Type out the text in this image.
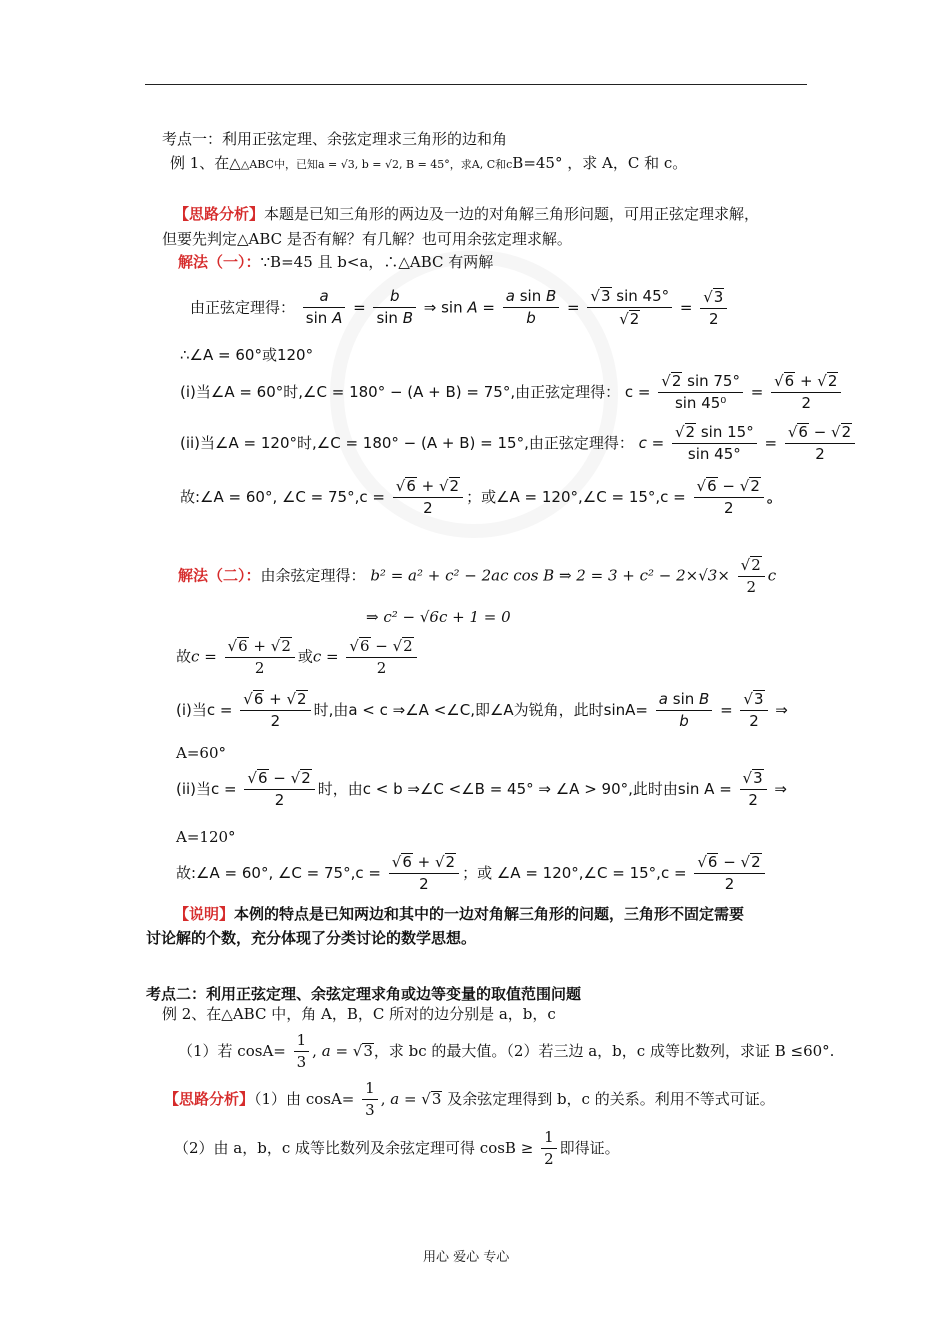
考点一：利用正弦定理、余弦定理求三角形的边和角
例 1、在△△ABC中，已知a = √3, b = √2, B = 45°，求A, C和cB=45° ，求 A，C 和 c。
【思路分析】本题是已知三角形的两边及一边的对角解三角形问题，可用正弦定理求解，
但要先判定△ABC 是否有解？有几解？也可用余弦定理求解。
解法（一）：∵B=45 且 b<a，∴△ABC 有两解
由正弦定理得： $\frac{a}{\text{sin A}} = \frac{b}{\text{sin B}}$ ⇒ $\sin A = \frac{\text{a sin B}}{b} = \frac{√3 \sin 45^\circ}{√2} = \frac{√3}{2}$
∴∠A = 60°或120°
(i)当∠A = 60°时,∠C = 180° − (A + B) = 75°,由正弦定理得： $c = \frac{√2 \sin 75^\circ}{\text{sin 45⁰}} = \frac{√6 + √2}{2}$
(ii)当∠A = 120°时,∠C = 180° − (A + B) = 15°,由正弦定理得： $c = \frac{√2 \sin 15^\circ}{\sin 45^\circ} = \frac{√6 - √2}{2}$
故:∠A = 60°, ∠C = $75^\circ,c = \frac{√6 + √2}{2}$ ；或∠A = 120°,∠C = $15^\circ,c = \frac{√6 - √2}{2}$ 。
解法（二）：由余弦定理得： b² = a² + c² − 2ac cos B ⇒ $2 = 3 + c^2 - 2\times√3\times \frac{√2}{2}$ c
⇒ c² − √6c + 1 = 0
故$c = \frac{√6 + √2}{2}$ 或$c = \frac{√6 - √2}{2}$
(i)当$c = \frac{√6 + √2}{2}$ 时,由a < c ⇒∠A <∠C,即∠A为锐角，此时$\sin A= \frac{\text{a sin B}}{b} = \frac{√3}{2}$ ⇒
A=60°
(ii)当$c = \frac{√6 - √2}{2}$ 时，由c < b ⇒∠C <∠B = 45° ⇒ ∠A > 90°,此时由$\sin A = \frac{√3}{2}$ ⇒
A=120°
故:∠A = 60°, ∠C = $75^\circ,c = \frac{√6 + √2}{2}$ ；或 ∠A = 120°,∠C = $15^\circ,c = \frac{√6 - √2}{2}$
【说明】本例的特点是已知两边和其中的一边对角解三角形的问题，三角形不固定需要
讨论解的个数，充分体现了分类讨论的数学思想。
考点二：利用正弦定理、余弦定理求角或边等变量的取值范围问题
例 2、在△ABC 中，角 A，B，C 所对的边分别是 a，b，c
（1）若 $\cos A= \frac{1}{3}$ , a = √3，求 bc 的最大值。（2）若三边 a，b，c 成等比数列，求证 B ≤60°.
【思路分析】（1）由 $\cos A= \frac{1}{3}$ , a = √3 及余弦定理得到 b，c 的关系。利用不等式可证。
（2）由 a，b，c 成等比数列及余弦定理可得 $\cos B \ge \frac{1}{2}$ 即得证。
用心 爱心 专心
